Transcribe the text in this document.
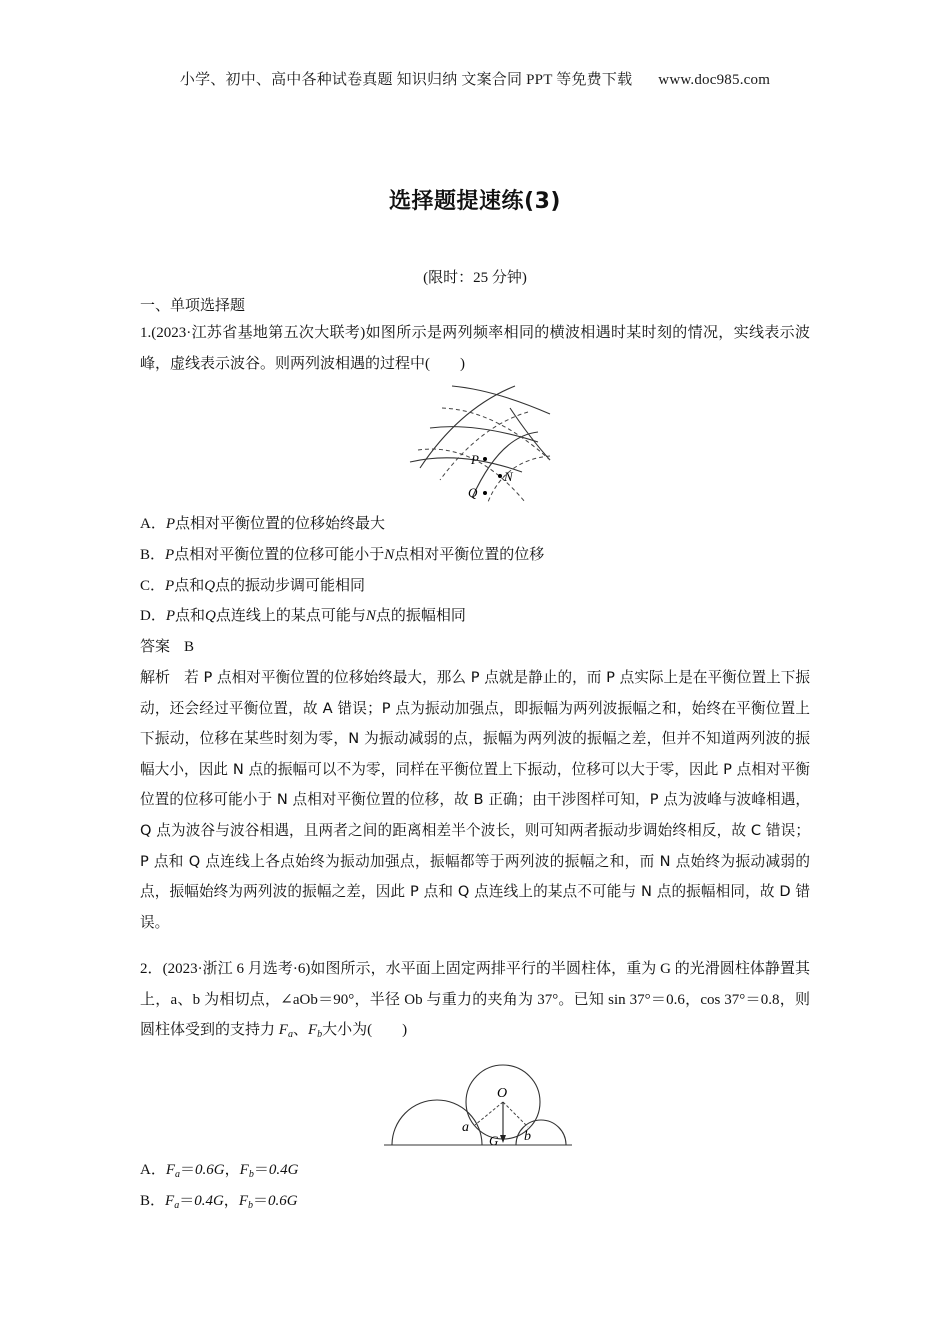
小学、初中、高中各种试卷真题 知识归纳 文案合同 PPT 等免费下载 www.doc985.com
选择题提速练(3)
(限时：25 分钟)
一、单项选择题

1.(2023·江苏省基地第五次大联考)如图所示是两列频率相同的横波相遇时某时刻的情况，实线表示波峰，虚线表示波谷。则两列波相遇的过程中(　　)

P
N
Q
A．P点相对平衡位置的位移始终最大
B．P点相对平衡位置的位移可能小于N点相对平衡位置的位移
C．P点和Q点的振动步调可能相同
D．P点和Q点连线上的某点可能与N点的振幅相同
答案 B

解析 若 P 点相对平衡位置的位移始终最大，那么 P 点就是静止的，而 P 点实际上是在平衡位置上下振动，还会经过平衡位置，故 A 错误；P 点为振动加强点，即振幅为两列波振幅之和，始终在平衡位置上下振动，位移在某些时刻为零，N 为振动减弱的点，振幅为两列波的振幅之差，但并不知道两列波的振幅大小，因此 N 点的振幅可以不为零，同样在平衡位置上下振动，位移可以大于零，因此 P 点相对平衡位置的位移可能小于 N 点相对平衡位置的位移，故 B 正确；由干涉图样可知，P 点为波峰与波峰相遇，Q 点为波谷与波谷相遇，且两者之间的距离相差半个波长，则可知两者振动步调始终相反，故 C 错误；P 点和 Q 点连线上各点始终为振动加强点，振幅都等于两列波的振幅之和，而 N 点始终为振动减弱的点，振幅始终为两列波的振幅之差，因此 P 点和 Q 点连线上的某点不可能与 N 点的振幅相同，故 D 错误。

2．(2023·浙江 6 月选考·6)如图所示，水平面上固定两排平行的半圆柱体，重为 G 的光滑圆柱体静置其上，a、b 为相切点，∠aOb＝90°，半径 Ob 与重力的夹角为 37°。已知 sin 37°＝0.6，cos 37°＝0.8，则圆柱体受到的支持力 $F_a$、$F_b$大小为(　　)

O
a
b
G
A．$F_a=0.6G$，$F_b=0.4G$
B．$F_a=0.4G$，$F_b=0.6G$
